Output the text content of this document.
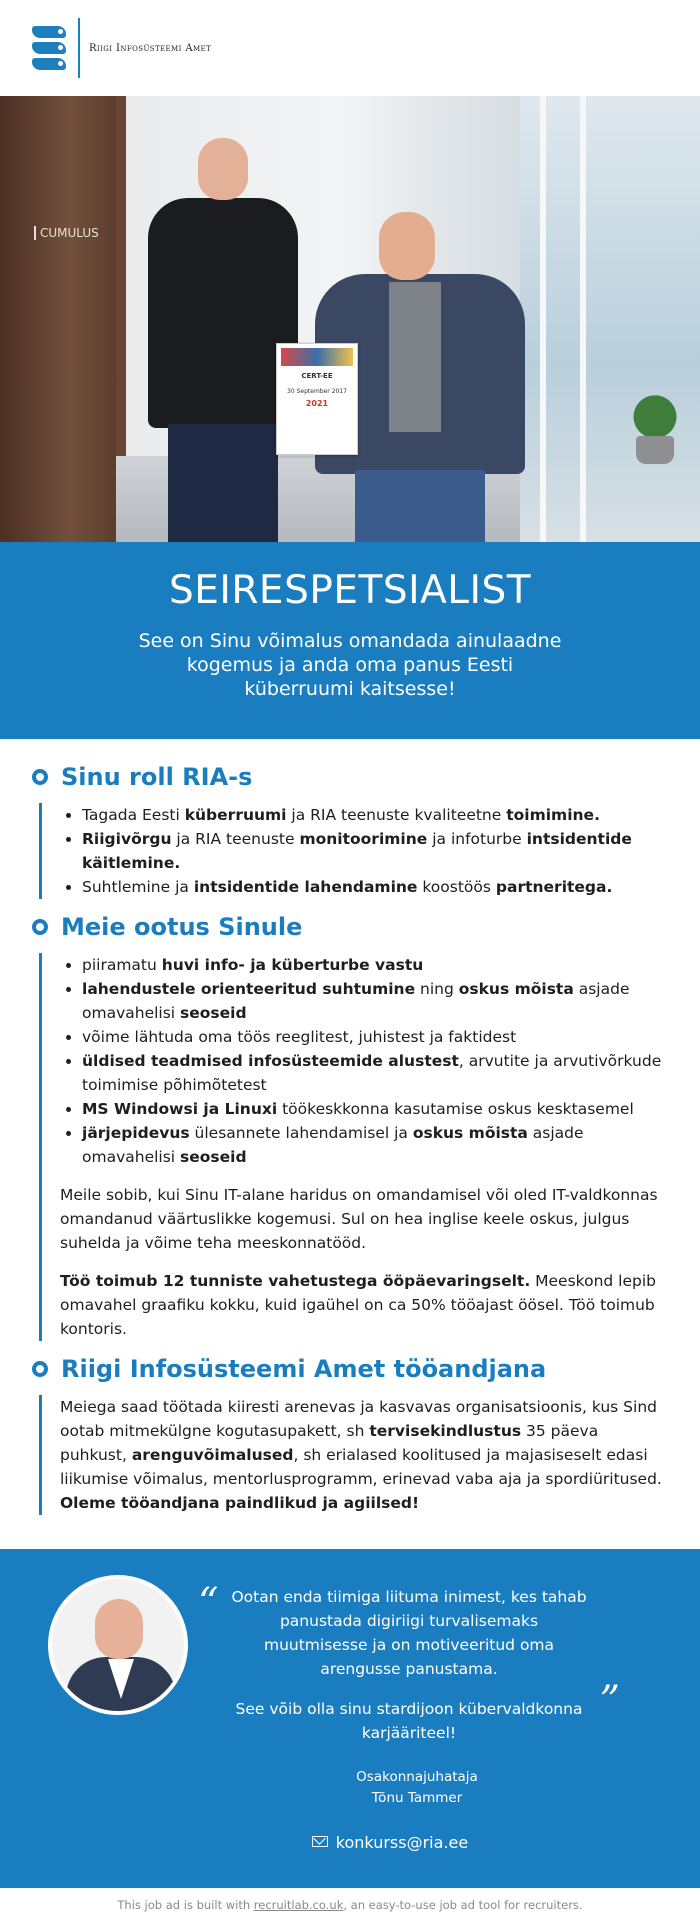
Riigi Infosüsteemi Amet
CUMULUS
CERT-EE
30 September 2017
2021
SEIRESPETSIALIST

See on Sinu võimalus omandada ainulaadne kogemus ja anda oma panus Eesti küberruumi kaitsesse!

Sinu roll RIA-s
• Tagada Eesti küberruumi ja RIA teenuste kvaliteetne toimimine.
• Riigivõrgu ja RIA teenuste monitoorimine ja infoturbe intsidentide käitlemine.
• Suhtlemine ja intsidentide lahendamine koostöös partneritega.
Meie ootus Sinule
• piiramatu huvi info- ja küberturbe vastu
• lahendustele orienteeritud suhtumine ning oskus mõista asjade omavahelisi seoseid
• võime lähtuda oma töös reeglitest, juhistest ja faktidest
• üldised teadmised infosüsteemide alustest, arvutite ja arvutivõrkude toimimise põhimõtetest
• MS Windowsi ja Linuxi töökeskkonna kasutamise oskus kesktasemel
• järjepidevus ülesannete lahendamisel ja oskus mõista asjade omavahelisi seoseid

Meile sobib, kui Sinu IT-alane haridus on omandamisel või oled IT-valdkonnas omandanud väärtuslikke kogemusi. Sul on hea inglise keele oskus, julgus suhelda ja võime teha meeskonnatööd.

Töö toimub 12 tunniste vahetustega ööpäevaringselt. Meeskond lepib omavahel graafiku kokku, kuid igaühel on ca 50% tööajast öösel. Töö toimub kontoris.

Riigi Infosüsteemi Amet tööandjana

Meiega saad töötada kiiresti arenevas ja kasvavas organisatsioonis, kus Sind ootab mitmekülgne kogutasupakett, sh tervisekindlustus 35 päeva puhkust, arenguvõimalused, sh erialased koolitused ja majasiseselt edasi liikumise võimalus, mentorlusprogramm, erinevad vaba aja ja spordiüritused. Oleme tööandjana paindlikud ja agiilsed!

“ Ootan enda tiimiga liituma inimest, kes tahab panustada digiriigi turvalisemaks muutmisesse ja on motiveeritud oma arengusse panustama.

See võib olla sinu stardijoon kübervaldkonna karjääriteel!

”
Osakonnajuhataja
Tõnu Tammer
konkurss@ria.ee
This job ad is built with recruitlab.co.uk, an easy-to-use job ad tool for recruiters.
